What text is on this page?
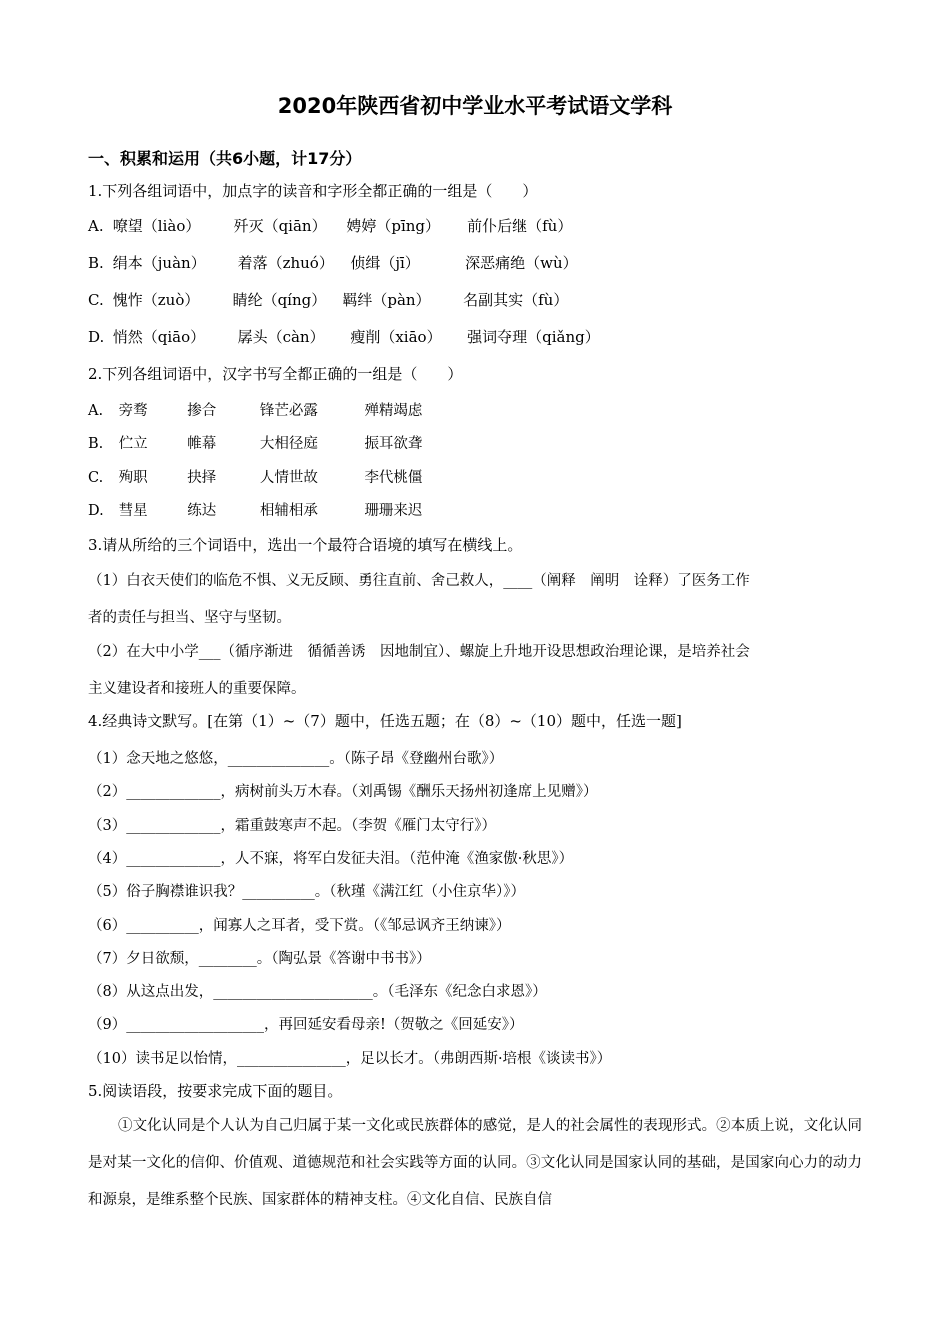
2020年陕西省初中学业水平考试语文学科
一、积累和运用（共6小题，计17分）
1.下列各组词语中，加点字的读音和字形全都正确的一组是（　　）
A. 嘹望（liào） 歼灭（qiān） 娉婷（pīng） 前仆后继（fù）
B. 绢本（juàn） 着落（zhuó） 侦缉（jī）	深恶痛绝（wù）
C. 愧怍（zuò） 睛纶（qíng） 羁绊（pàn） 名副其实（fù）
D. 悄然（qiāo） 孱头（càn） 瘦削（xiāo） 强词夺理（qiǎng）
2.下列各组词语中，汉字书写全都正确的一组是（　　）
A. 旁骛	掺合	锋芒必露	殚精竭虑
B. 伫立	帷幕	大相径庭	振耳欲聋
C. 殉职	抉择	人情世故	李代桃僵
D. 彗星	练达	相辅相承	珊珊来迟
3.请从所给的三个词语中，选出一个最符合语境的填写在横线上。
（1）白衣天使们的临危不惧、义无反顾、勇往直前、舍己救人，____（阐释　阐明　诠释）了医务工作
者的责任与担当、坚守与坚韧。
（2）在大中小学___（循序渐进　循循善诱　因地制宜）、螺旋上升地开设思想政治理论课，是培养社会
主义建设者和接班人的重要保障。
4.经典诗文默写。[在第（1）~（7）题中，任选五题；在（8）~（10）题中，任选一题]
（1）念天地之悠悠，______________。（陈子昂《登幽州台歌》）
（2）_____________，病树前头万木春。（刘禹锡《酬乐天扬州初逢席上见赠》）
（3）_____________，霜重鼓寒声不起。（李贺《雁门太守行》）
（4）_____________，人不寐，将军白发征夫泪。（范仲淹《渔家傲·秋思》）
（5）俗子胸襟谁识我？__________。（秋瑾《满江红（小住京华）》）
（6）__________，闻寡人之耳者，受下赏。（《邹忌讽齐王纳谏》）
（7）夕日欲颓，________。（陶弘景《答谢中书书》）
（8）从这点出发，______________________。（毛泽东《纪念白求恩》）
（9）___________________，再回延安看母亲!（贺敬之《回延安》）
（10）读书足以怡情，_______________，足以长才。（弗朗西斯·培根《谈读书》）
5.阅读语段，按要求完成下面的题目。
①文化认同是个人认为自己归属于某一文化或民族群体的感觉，是人的社会属性的表现形式。②本质上说，文化认同是对某一文化的信仰、价值观、道德规范和社会实践等方面的认同。③文化认同是国家认同的基础，是国家向心力的动力和源泉，是维系整个民族、国家群体的精神支柱。④文化自信、民族自信
